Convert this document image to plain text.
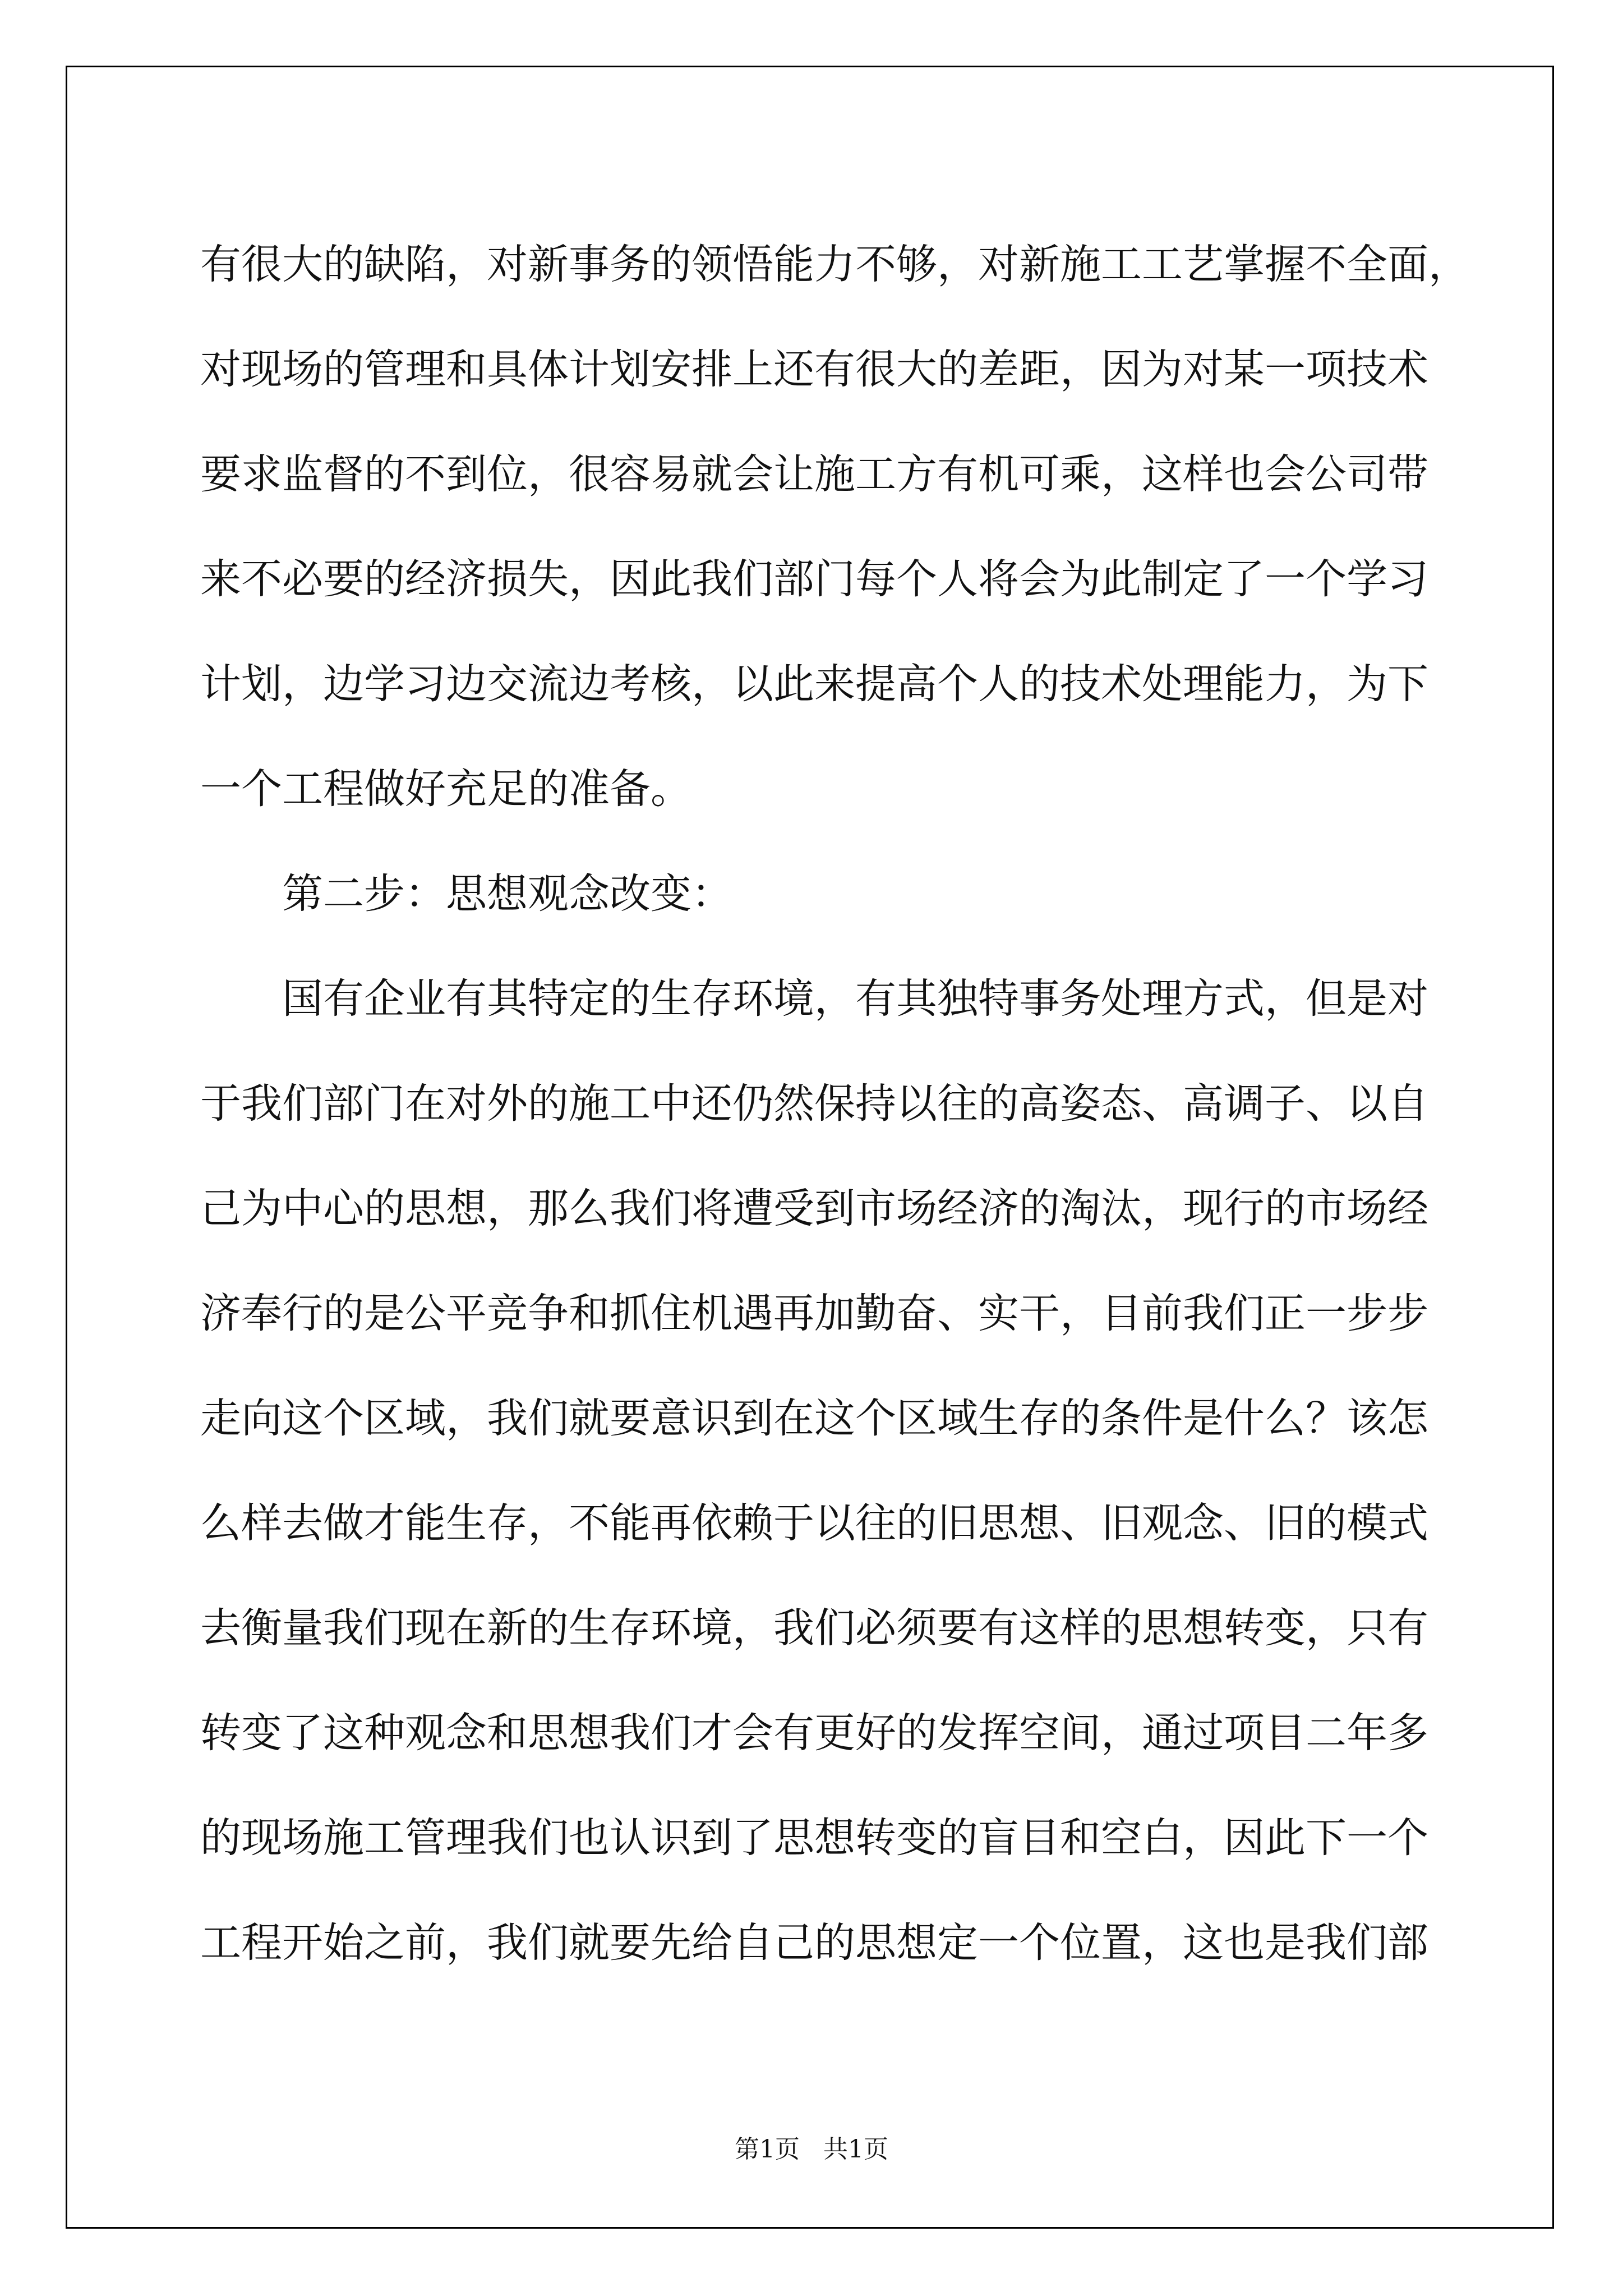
有很大的缺陷，对新事务的领悟能力不够，对新施工工艺掌握不全面，
对现场的管理和具体计划安排上还有很大的差距，因为对某一项技术
要求监督的不到位，很容易就会让施工方有机可乘，这样也会公司带
来不必要的经济损失，因此我们部门每个人将会为此制定了一个学习
计划，边学习边交流边考核，以此来提高个人的技术处理能力，为下
一个工程做好充足的准备。
第二步：思想观念改变：
国有企业有其特定的生存环境，有其独特事务处理方式，但是对
于我们部门在对外的施工中还仍然保持以往的高姿态、高调子、以自
己为中心的思想，那么我们将遭受到市场经济的淘汰，现行的市场经
济奉行的是公平竞争和抓住机遇再加勤奋、实干，目前我们正一步步
走向这个区域，我们就要意识到在这个区域生存的条件是什么？该怎
么样去做才能生存，不能再依赖于以往的旧思想、旧观念、旧的模式
去衡量我们现在新的生存环境，我们必须要有这样的思想转变，只有
转变了这种观念和思想我们才会有更好的发挥空间，通过项目二年多
的现场施工管理我们也认识到了思想转变的盲目和空白，因此下一个
工程开始之前，我们就要先给自己的思想定一个位置，这也是我们部
第1页   共1页
